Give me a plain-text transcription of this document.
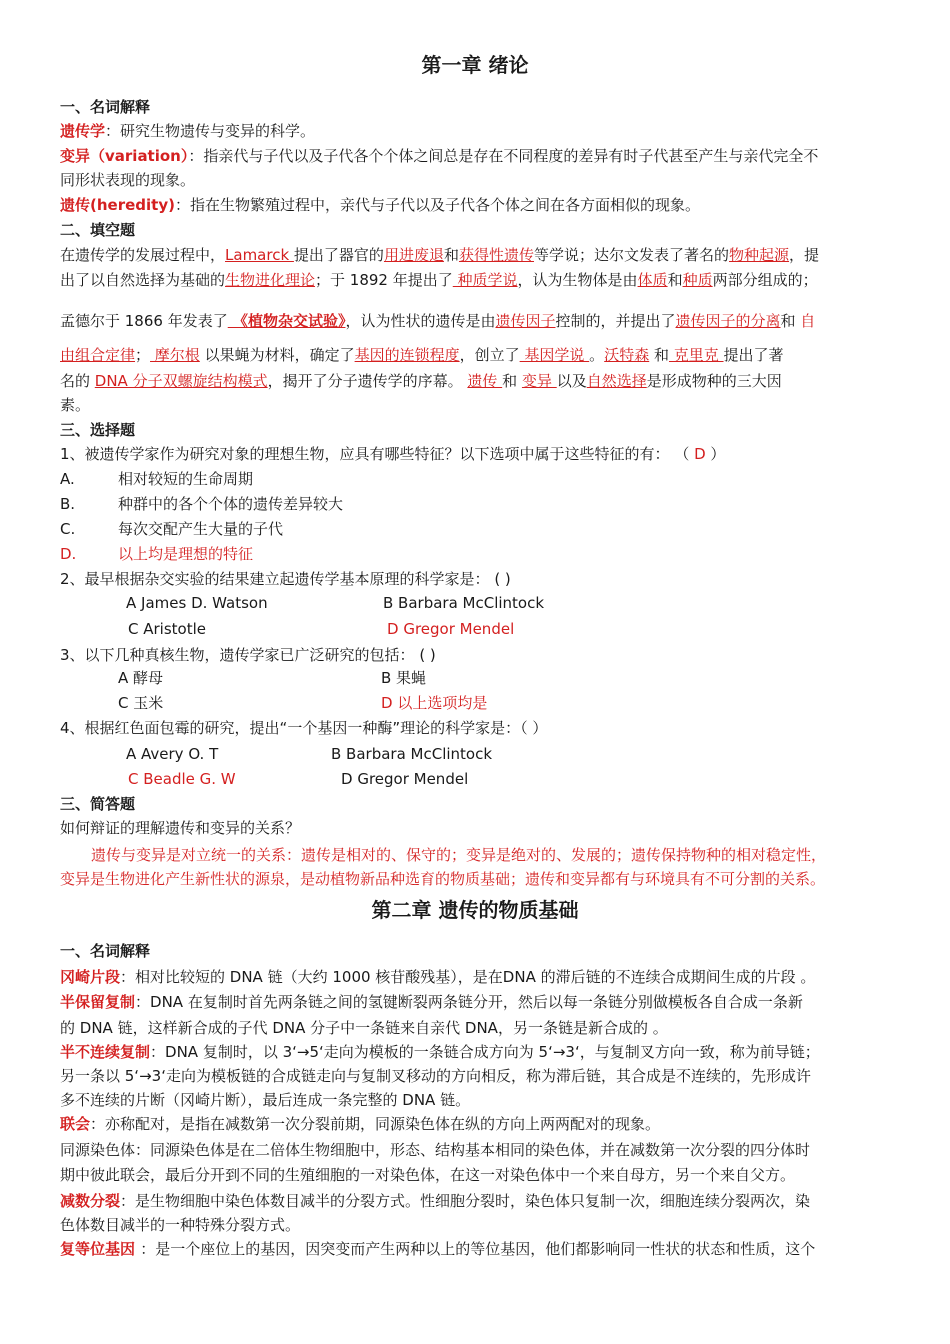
第一章 绪论
一、名词解释
遗传学：研究生物遗传与变异的科学。
变异（variation）：指亲代与子代以及子代各个个体之间总是存在不同程度的差异有时子代甚至产生与亲代完全不
同形状表现的现象。
遗传(heredity)：指在生物繁殖过程中，亲代与子代以及子代各个体之间在各方面相似的现象。
二、填空题
在遗传学的发展过程中，Lamarck 提出了器官的用进废退和获得性遗传等学说；达尔文发表了著名的物种起源，提
出了以自然选择为基础的生物进化理论；于 1892 年提出了 种质学说，认为生物体是由体质和种质两部分组成的；
孟德尔于 1866 年发表了 《植物杂交试验》，认为性状的遗传是由遗传因子控制的，并提出了遗传因子的分离和 自
由组合定律； 摩尔根 以果蝇为材料，确定了基因的连锁程度，创立了 基因学说 。沃特森 和 克里克 提出了著
名的 DNA 分子双螺旋结构模式，揭开了分子遗传学的序幕。 遗传 和 变异 以及自然选择是形成物种的三大因
素。
三、选择题
1、被遗传学家作为研究对象的理想生物，应具有哪些特征？以下选项中属于这些特征的有： （ D ）
A.	相对较短的生命周期
B.	种群中的各个个体的遗传差异较大
C.	每次交配产生大量的子代
D.	以上均是理想的特征
2、最早根据杂交实验的结果建立起遗传学基本原理的科学家是： ( )
A James D. Watson	B Barbara McClintock
C Aristotle	D Gregor Mendel
3、以下几种真核生物，遗传学家已广泛研究的包括： ( )
A 酵母	B 果蝇
C 玉米	D 以上选项均是
4、根据红色面包霉的研究，提出“一个基因一种酶”理论的科学家是：（ ）
A Avery O. T	B Barbara McClintock
C Beadle G. W	D Gregor Mendel
三、简答题
如何辩证的理解遗传和变异的关系？
遗传与变异是对立统一的关系：遗传是相对的、保守的；变异是绝对的、发展的；遗传保持物种的相对稳定性，
变异是生物进化产生新性状的源泉，是动植物新品种选育的物质基础；遗传和变异都有与环境具有不可分割的关系。
第二章 遗传的物质基础
一、名词解释
冈崎片段：相对比较短的 DNA 链（大约 1000 核苷酸残基），是在DNA 的滞后链的不连续合成期间生成的片段 。
半保留复制：DNA 在复制时首先两条链之间的氢键断裂两条链分开，然后以每一条链分别做模板各自合成一条新
的 DNA 链，这样新合成的子代 DNA 分子中一条链来自亲代 DNA，另一条链是新合成的 。
半不连续复制：DNA 复制时，以 3‘→5‘走向为模板的一条链合成方向为 5‘→3‘，与复制叉方向一致，称为前导链；
另一条以 5‘→3‘走向为模板链的合成链走向与复制叉移动的方向相反，称为滞后链，其合成是不连续的，先形成许
多不连续的片断（冈崎片断），最后连成一条完整的 DNA 链。
联会：亦称配对，是指在减数第一次分裂前期，同源染色体在纵的方向上两两配对的现象。
同源染色体：同源染色体是在二倍体生物细胞中，形态、结构基本相同的染色体，并在减数第一次分裂的四分体时
期中彼此联会，最后分开到不同的生殖细胞的一对染色体，在这一对染色体中一个来自母方，另一个来自父方。
减数分裂：是生物细胞中染色体数目减半的分裂方式。性细胞分裂时，染色体只复制一次，细胞连续分裂两次，染
色体数目减半的一种特殊分裂方式。
复等位基因 ：是一个座位上的基因，因突变而产生两种以上的等位基因，他们都影响同一性状的状态和性质，这个
